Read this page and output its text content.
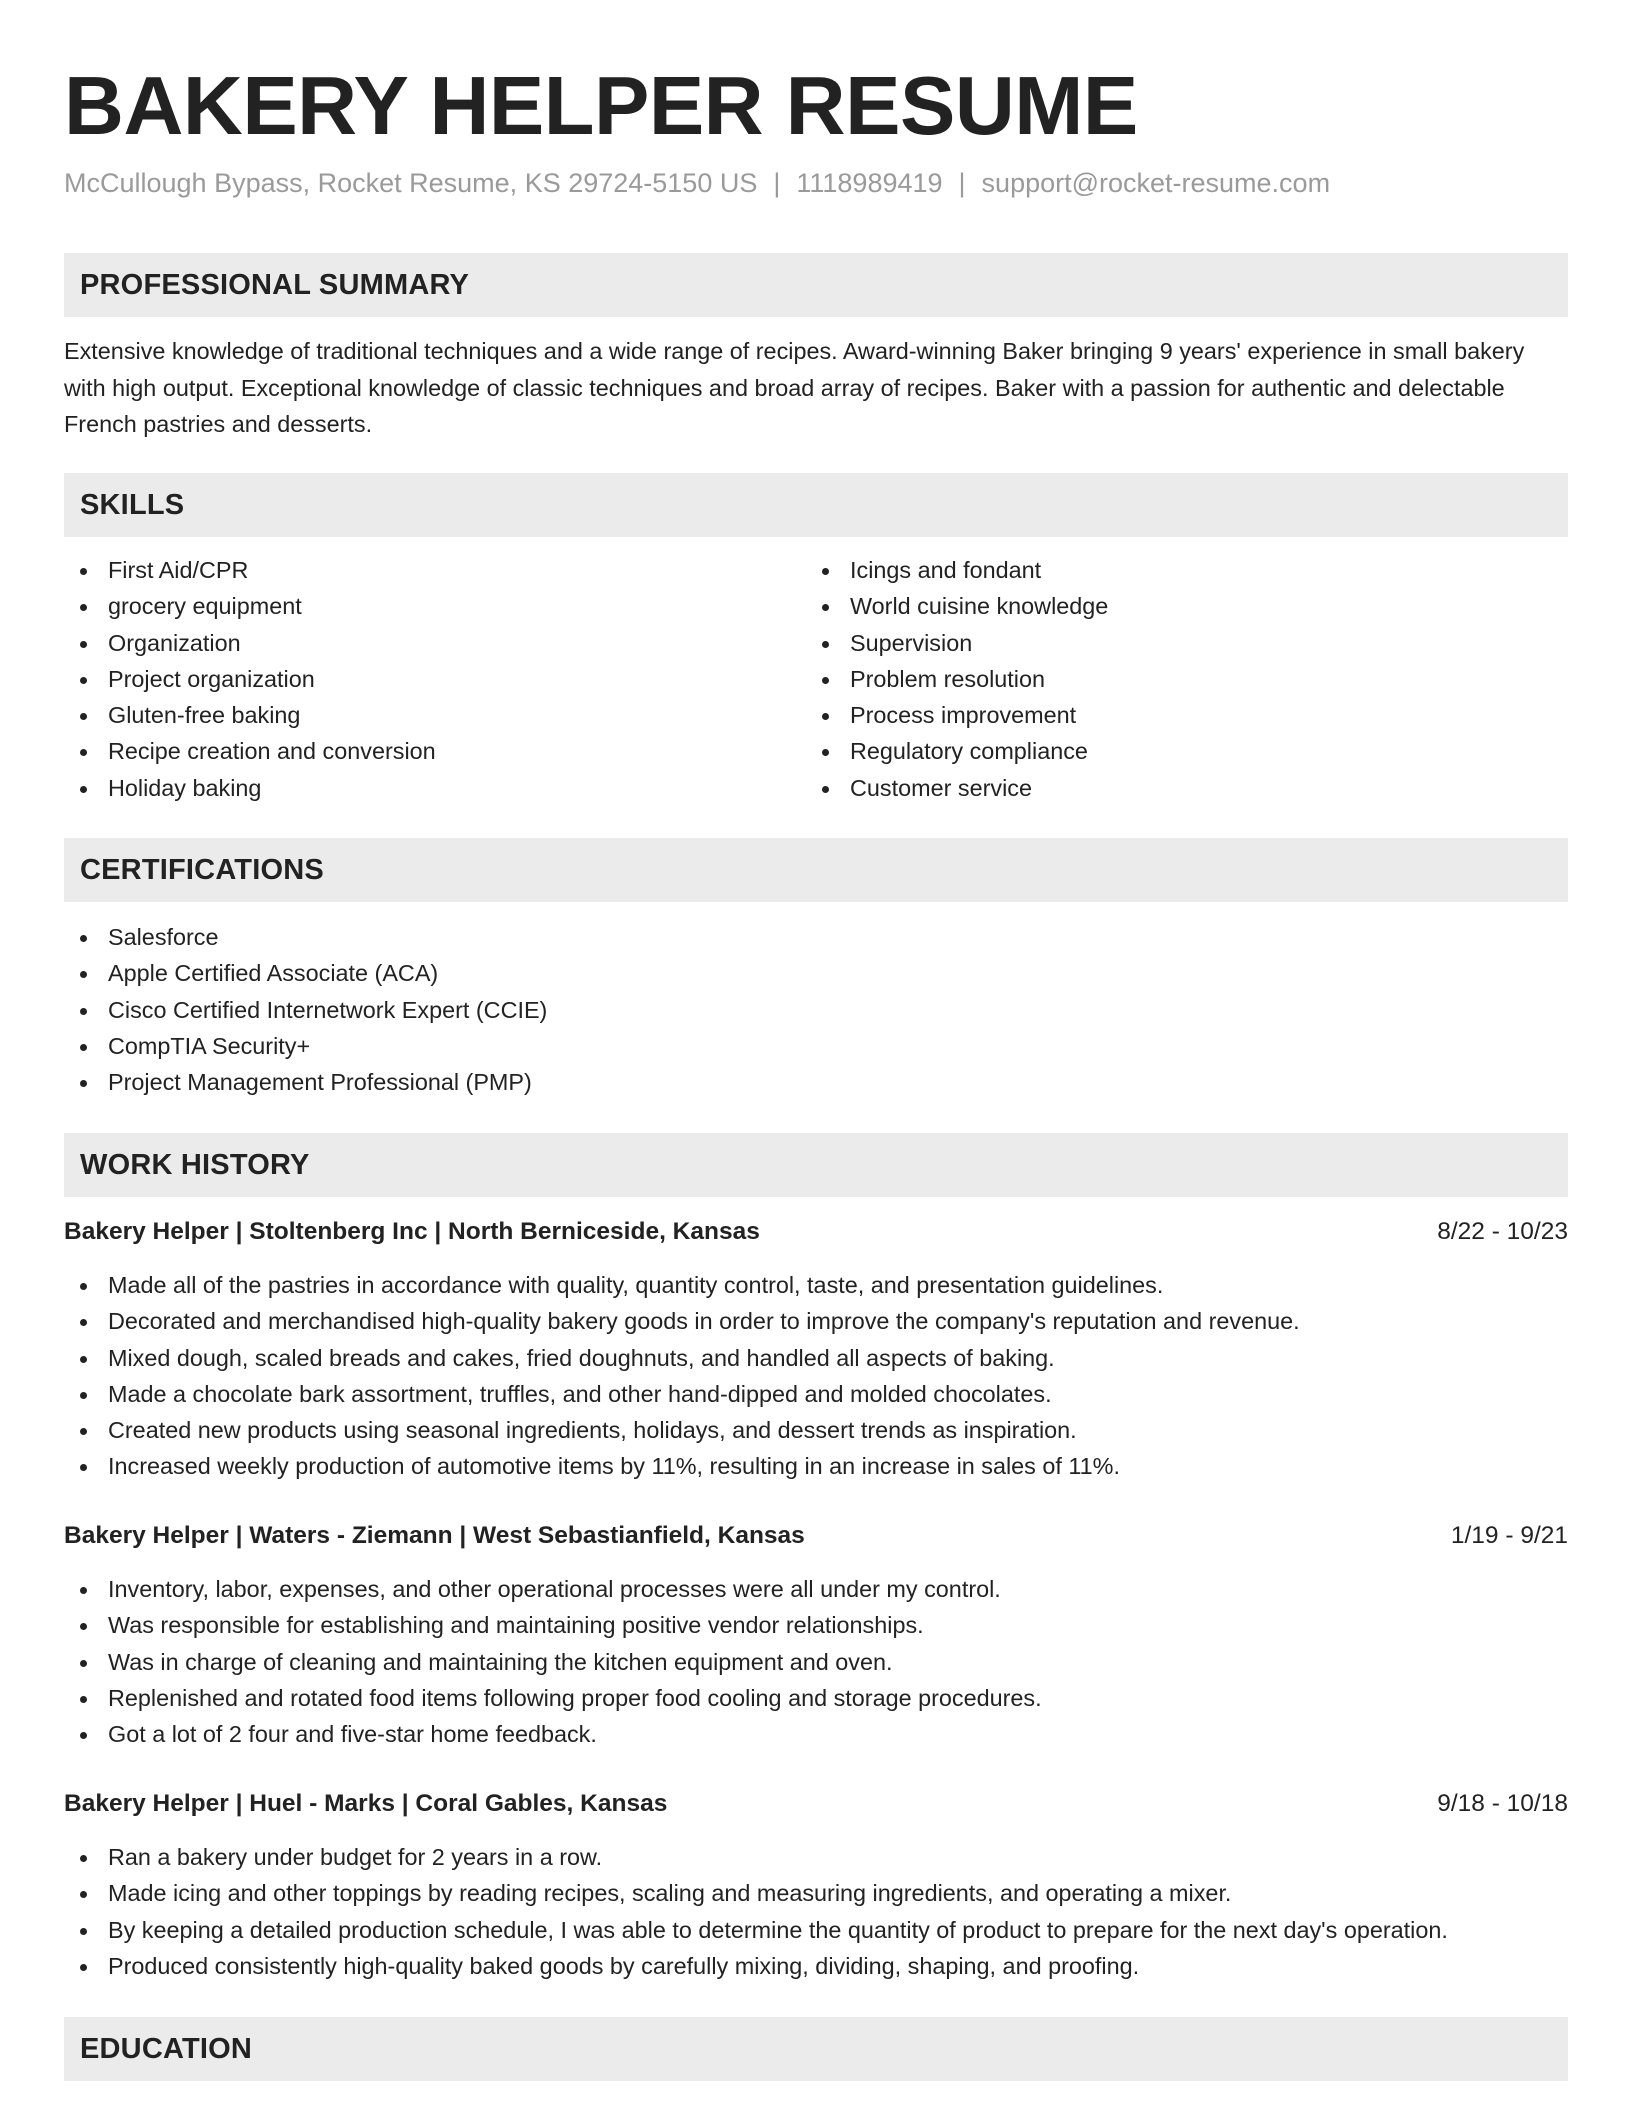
BAKERY HELPER RESUME
McCullough Bypass, Rocket Resume, KS 29724-5150 US | 1118989419 | support@rocket-resume.com
PROFESSIONAL SUMMARY

Extensive knowledge of traditional techniques and a wide range of recipes. Award-winning Baker bringing 9 years' experience in small bakery with high output. Exceptional knowledge of classic techniques and broad array of recipes. Baker with a passion for authentic and delectable French pastries and desserts.

SKILLS
First Aid/CPR
grocery equipment
Organization
Project organization
Gluten-free baking
Recipe creation and conversion
Holiday baking
Icings and fondant
World cuisine knowledge
Supervision
Problem resolution
Process improvement
Regulatory compliance
Customer service
CERTIFICATIONS
Salesforce
Apple Certified Associate (ACA)
Cisco Certified Internetwork Expert (CCIE)
CompTIA Security+
Project Management Professional (PMP)
WORK HISTORY
Bakery Helper | Stoltenberg Inc | North Berniceside, Kansas	8/22 - 10/23
Made all of the pastries in accordance with quality, quantity control, taste, and presentation guidelines.
Decorated and merchandised high-quality bakery goods in order to improve the company's reputation and revenue.
Mixed dough, scaled breads and cakes, fried doughnuts, and handled all aspects of baking.
Made a chocolate bark assortment, truffles, and other hand-dipped and molded chocolates.
Created new products using seasonal ingredients, holidays, and dessert trends as inspiration.
Increased weekly production of automotive items by 11%, resulting in an increase in sales of 11%.
Bakery Helper | Waters - Ziemann | West Sebastianfield, Kansas	1/19 - 9/21
Inventory, labor, expenses, and other operational processes were all under my control.
Was responsible for establishing and maintaining positive vendor relationships.
Was in charge of cleaning and maintaining the kitchen equipment and oven.
Replenished and rotated food items following proper food cooling and storage procedures.
Got a lot of 2 four and five-star home feedback.
Bakery Helper | Huel - Marks | Coral Gables, Kansas	9/18 - 10/18
Ran a bakery under budget for 2 years in a row.
Made icing and other toppings by reading recipes, scaling and measuring ingredients, and operating a mixer.
By keeping a detailed production schedule, I was able to determine the quantity of product to prepare for the next day's operation.
Produced consistently high-quality baked goods by carefully mixing, dividing, shaping, and proofing.
EDUCATION
